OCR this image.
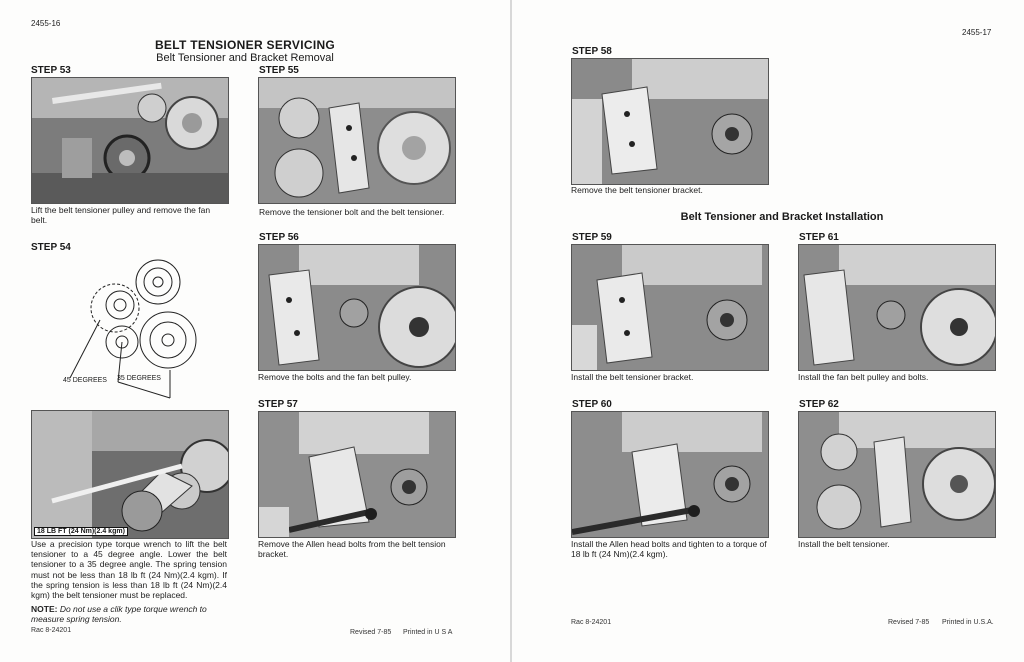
2455-16
BELT TENSIONER SERVICING
Belt Tensioner and Bracket Removal
STEP 53
Lift the belt tensioner pulley and remove the fan belt.
STEP 55
Remove the tensioner bolt and the belt tensioner.
STEP 54
45 DEGREES 35 DEGREES
18 LB FT (24 Nm)(2.4 kgm)
Use a precision type torque wrench to lift the belt tensioner to a 45 degree angle. Lower the belt tensioner to a 35 degree angle. The spring tension must not be less than 18 lb ft (24 Nm)(2.4 kgm). If the spring tension is less than 18 lb ft (24 Nm)(2.4 kgm) the belt tensioner must be replaced.
NOTE: Do not use a clik type torque wrench to measure spring tension.
STEP 56
Remove the bolts and the fan belt pulley.
STEP 57
Remove the Allen head bolts from the belt tension bracket.
Rac 8-24201	Revised 7-85 Printed in U S A
2455-17
STEP 58
Remove the belt tensioner bracket.
Belt Tensioner and Bracket Installation
STEP 59
Install the belt tensioner bracket.
STEP 61
Install the fan belt pulley and bolts.
STEP 60
Install the Allen head bolts and tighten to a torque of 18 lb ft (24 Nm)(2.4 kgm).
STEP 62
Install the belt tensioner.
Rac 8-24201	Revised 7-85 Printed in U.S.A.
